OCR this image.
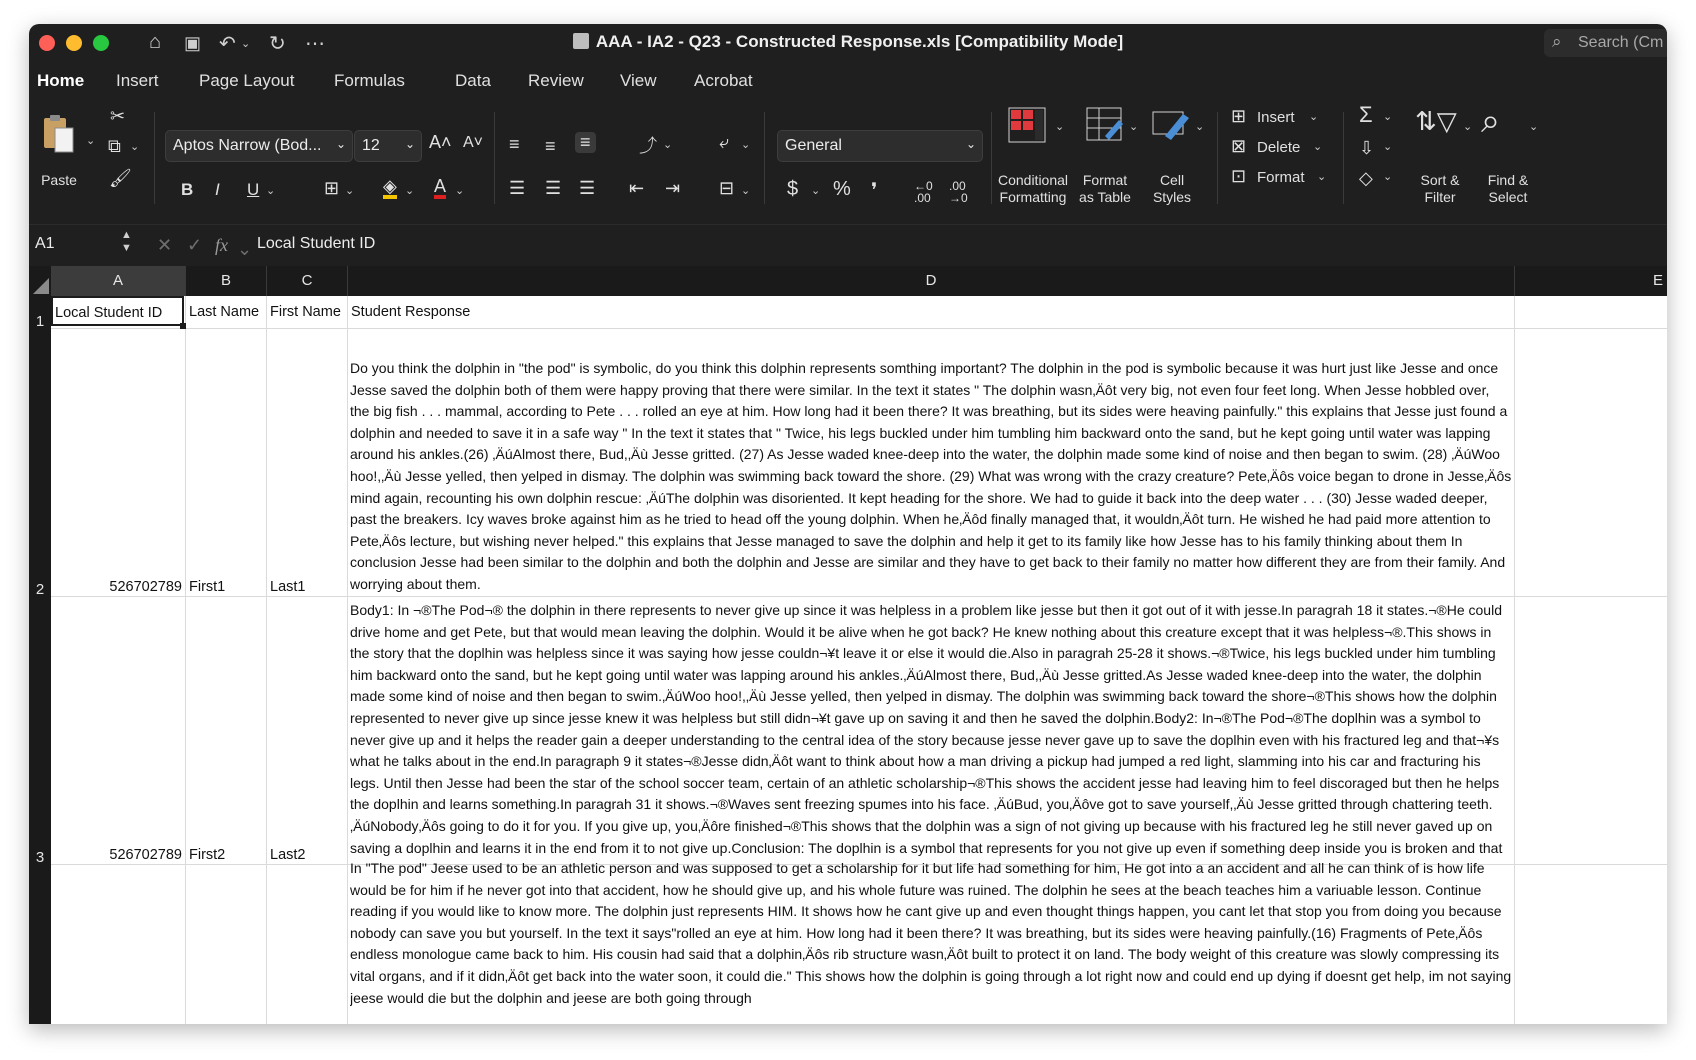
⌂ ▣ ↶ ⌄ ↻ ⋯	AAA - IA2 - Q23 - Constructed Response.xls [Compatibility Mode]	⌕ Search (Cm
Home Insert Page Layout Formulas	Data Review View Acrobat
⌄
Paste
✂
⧉ ⌄
🖌
Aptos Narrow (Bod... ⌄ 12 ⌄ A˄ A˅
B I U ⌄	⊞ ⌄ ◈ ⌄ A ⌄
≡ ≡ ≡	⤴ ⌄
☰ ☰ ☰ ⇤ ⇥
⤶ ⌄
⊟ ⌄
General	⌄
$ ⌄ % ❜	←0
.00
.00
→0
⌄
Conditional
Formatting
⌄
Format
as Table
⌄
Cell
Styles
⊞ Insert ⌄
⊠ Delete ⌄
⊡ Format ⌄
Σ ⌄
⇩ ⌄
◇ ⌄
⇅▽ ⌄
Sort &
Filter
⌕	⌄
Find &
Select
A1	▲
▼ ✕ ✓ fx ⌄ Local Student ID
A	B	C	D	E
1
2
3
Local Student ID	Last Name First Name Student Response
526702789 First1	Last1
Do you think the dolphin in "the pod" is symbolic, do you think this dolphin represents somthing important? The dolphin in the pod is symbolic because it was hurt just like Jesse and once Jesse saved the dolphin both of them were happy proving that there were similar. In the text it states " The dolphin wasn‚Äôt very big, not even four feet long. When Jesse hobbled over, the big fish . . . mammal, according to Pete . . . rolled an eye at him. How long had it been there? It was breathing, but its sides were heaving painfully." this explains that Jesse just found a dolphin and needed to save it in a safe way " In the text it states that " Twice, his legs buckled under him tumbling him backward onto the sand, but he kept going until water was lapping around his ankles.(26) ‚ÄúAlmost there, Bud,‚Äù Jesse gritted. (27) As Jesse waded knee-deep into the water, the dolphin made some kind of noise and then began to swim. (28) ‚ÄúWoo hoo!,‚Äù Jesse yelled, then yelped in dismay. The dolphin was swimming back toward the shore. (29) What was wrong with the crazy creature? Pete‚Äôs voice began to drone in Jesse‚Äôs mind again, recounting his own dolphin rescue: ‚ÄúThe dolphin was disoriented. It kept heading for the shore. We had to guide it back into the deep water . . . (30) Jesse waded deeper, past the breakers. Icy waves broke against him as he tried to head off the young dolphin. When he‚Äôd finally managed that, it wouldn‚Äôt turn. He wished he had paid more attention to Pete‚Äôs lecture, but wishing never helped." this explains that Jesse managed to save the dolphin and help it get to its family like how Jesse has to his family thinking about them In conclusion Jesse had been similar to the dolphin and both the dolphin and Jesse are similar and they have to get back to their family no matter how different they are from their family. And worrying about them.
526702789 First2	Last2
Body1: In ¬®The Pod¬® the dolphin in there represents to never give up since it was helpless in a problem like jesse but then it got out of it with jesse.In paragrah 18 it states.¬®He could drive home and get Pete, but that would mean leaving the dolphin. Would it be alive when he got back? He knew nothing about this creature except that it was helpless¬®.This shows in the story that the doplhin was helpless since it was saying how jesse couldn¬¥t leave it or else it would die.Also in paragrah 25-28 it shows.¬®Twice, his legs buckled under him tumbling him backward onto the sand, but he kept going until water was lapping around his ankles.‚ÄúAlmost there, Bud,‚Äù Jesse gritted.As Jesse waded knee-deep into the water, the dolphin made some kind of noise and then began to swim.‚ÄúWoo hoo!,‚Äù Jesse yelled, then yelped in dismay. The dolphin was swimming back toward the shore¬®This shows how the dolphin represented to never give up since jesse knew it was helpless but still didn¬¥t gave up on saving it and then he saved the dolphin.Body2: In¬®The Pod¬®The doplhin was a symbol to never give up and it helps the reader gain a deeper understanding to the central idea of the story because jesse never gave up to save the doplhin even with his fractured leg and that¬¥s what he talks about in the end.In paragraph 9 it states¬®Jesse didn‚Äôt want to think about how a man driving a pickup had jumped a red light, slamming into his car and fracturing his legs. Until then Jesse had been the star of the school soccer team, certain of an athletic scholarship¬®This shows the accident jesse had leaving him to feel discoraged but then he helps the doplhin and learns something.In paragrah 31 it shows.¬®Waves sent freezing spumes into his face. ‚ÄúBud, you‚Äôve got to save yourself,‚Äù Jesse gritted through chattering teeth. ‚ÄúNobody‚Äôs going to do it for you. If you give up, you‚Äôre finished¬®This shows that the dolphin was a sign of not giving up because with his fractured leg he still never gaved up on saving a doplhin and learns it in the end from it to not give up.Conclusion: The doplhin is a symbol that represents for you not give up even if something deep inside you is broken and that
In "The pod" Jeese used to be an athletic person and was supposed to get a scholarship for it but life had something for him, He got into a an accident and all he can think of is how life would be for him if he never got into that accident, how he should give up, and his whole future was ruined. The dolphin he sees at the beach teaches him a variuable lesson. Continue reading if you would like to know more. The dolphin just represents HIM. It shows how he cant give up and even thought things happen, you cant let that stop you from doing you because nobody can save you but yourself. In the text it says"rolled an eye at him. How long had it been there? It was breathing, but its sides were heaving painfully.(16) Fragments of Pete‚Äôs endless monologue came back to him. His cousin had said that a dolphin‚Äôs rib structure wasn‚Äôt built to protect it on land. The body weight of this creature was slowly compressing its vital organs, and if it didn‚Äôt get back into the water soon, it could die." This shows how the dolphin is going through a lot right now and could end up dying if doesnt get help, im not saying jeese would die but the dolphin and jeese are both going through
